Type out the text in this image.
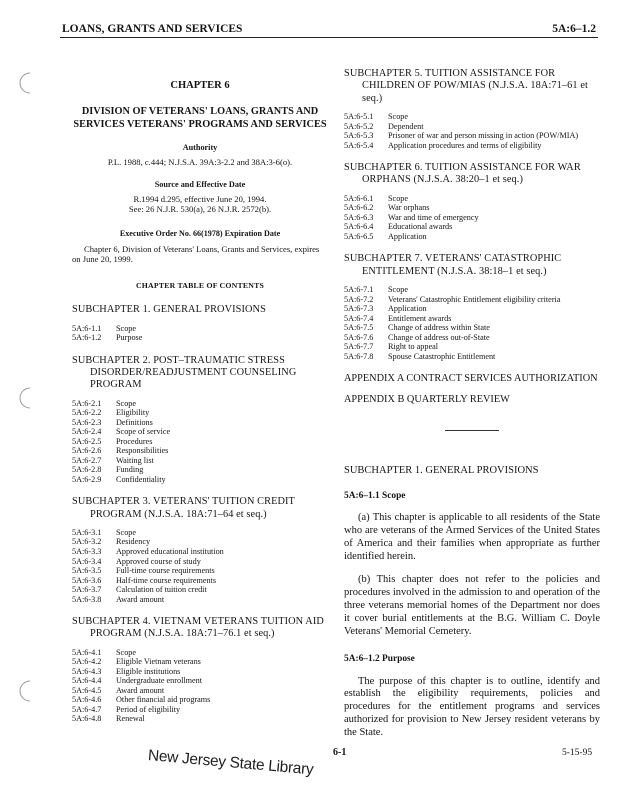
LOANS, GRANTS AND SERVICES	5A:6–1.2
CHAPTER 6
DIVISION OF VETERANS' LOANS, GRANTS AND SERVICES VETERANS' PROGRAMS AND SERVICES
Authority
P.L. 1988, c.444; N.J.S.A. 39A:3-2.2 and 38A:3-6(o).
Source and Effective Date
R.1994 d.295, effective June 20, 1994.
See: 26 N.J.R. 530(a), 26 N.J.R. 2572(b).
Executive Order No. 66(1978) Expiration Date
Chapter 6, Division of Veterans' Loans, Grants and Services, expires on June 20, 1999.
CHAPTER TABLE OF CONTENTS
SUBCHAPTER 1. GENERAL PROVISIONS
5A:6-1.1	Scope
5A:6-1.2	Purpose
SUBCHAPTER 2. POST–TRAUMATIC STRESS DISORDER/READJUSTMENT COUNSELING PROGRAM
5A:6-2.1	Scope
5A:6-2.2	Eligibility
5A:6-2.3	Definitions
5A:6-2.4	Scope of service
5A:6-2.5	Procedures
5A:6-2.6	Responsibilities
5A:6-2.7	Waiting list
5A:6-2.8	Funding
5A:6-2.9	Confidentiality
SUBCHAPTER 3. VETERANS' TUITION CREDIT PROGRAM (N.J.S.A. 18A:71–64 et seq.)
5A:6-3.1	Scope
5A:6-3.2	Residency
5A:6-3.3	Approved educational institution
5A:6-3.4	Approved course of study
5A:6-3.5	Full-time course requirements
5A:6-3.6	Half-time course requirements
5A:6-3.7	Calculation of tuition credit
5A:6-3.8	Award amount
SUBCHAPTER 4. VIETNAM VETERANS TUITION AID PROGRAM (N.J.S.A. 18A:71–76.1 et seq.)
5A:6-4.1	Scope
5A:6-4.2	Eligible Vietnam veterans
5A:6-4.3	Eligible institutions
5A:6-4.4	Undergraduate enrollment
5A:6-4.5	Award amount
5A:6-4.6	Other financial aid programs
5A:6-4.7	Period of eligibility
5A:6-4.8	Renewal
SUBCHAPTER 5. TUITION ASSISTANCE FOR CHILDREN OF POW/MIAS (N.J.S.A. 18A:71–61 et seq.)
5A:6-5.1	Scope
5A:6-5.2	Dependent
5A:6-5.3	Prisoner of war and person missing in action (POW/MIA)
5A:6-5.4	Application procedures and terms of eligibility
SUBCHAPTER 6. TUITION ASSISTANCE FOR WAR ORPHANS (N.J.S.A. 38:20–1 et seq.)
5A:6-6.1	Scope
5A:6-6.2	War orphans
5A:6-6.3	War and time of emergency
5A:6-6.4	Educational awards
5A:6-6.5	Application
SUBCHAPTER 7. VETERANS' CATASTROPHIC ENTITLEMENT (N.J.S.A. 38:18–1 et seq.)
5A:6-7.1	Scope
5A:6-7.2	Veterans' Catastrophic Entitlement eligibility criteria
5A:6-7.3	Application
5A:6-7.4	Entitlement awards
5A:6-7.5	Change of address within State
5A:6-7.6	Change of address out-of-State
5A:6-7.7	Right to appeal
5A:6-7.8	Spouse Catastrophic Entitlement
APPENDIX A CONTRACT SERVICES AUTHORIZATION
APPENDIX B QUARTERLY REVIEW
SUBCHAPTER 1. GENERAL PROVISIONS
5A:6–1.1 Scope
(a) This chapter is applicable to all residents of the State who are veterans of the Armed Services of the United States of America and their families when appropriate as further identified herein.
(b) This chapter does not refer to the policies and procedures involved in the admission to and operation of the three veterans memorial homes of the Department nor does it cover burial entitlements at the B.G. William C. Doyle Veterans' Memorial Cemetery.
5A:6–1.2 Purpose
The purpose of this chapter is to outline, identify and establish the eligibility requirements, policies and procedures for the entitlement programs and services authorized for provision to New Jersey resident veterans by the State.
New Jersey State Library 6-1	5-15-95
